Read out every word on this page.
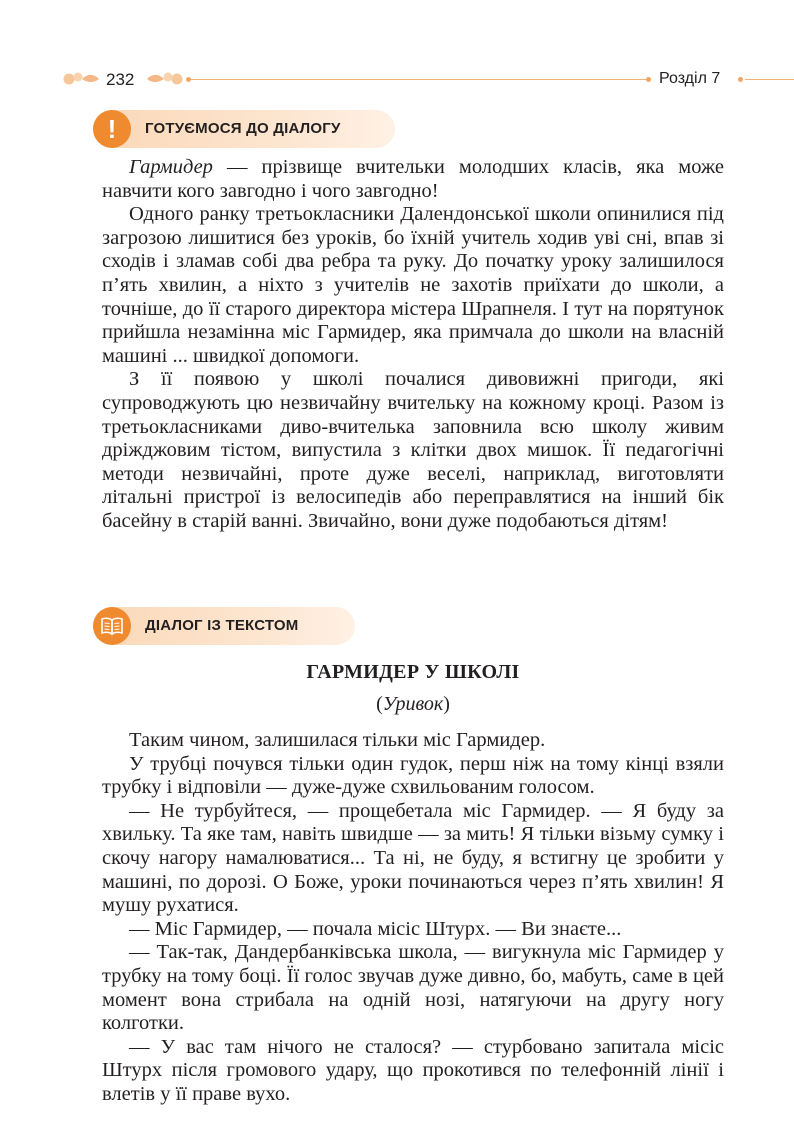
232	Розділ 7
!	ГОТУЄМОСЯ ДО ДІАЛОГУ

Гармидер — прізвище вчительки молодших класів, яка може навчити кого завгодно і чого завгодно!

Одного ранку третьокласники Далендонської школи опинилися під загрозою лишитися без уроків, бо їхній учитель ходив уві сні, впав зі сходів і зламав собі два ребра та руку. До початку уроку залишилося п’ять хвилин, а ніхто з учителів не захотів приїхати до школи, а точніше, до її старого директора містера Шрапнеля. І тут на порятунок прийшла незамінна міс Гармидер, яка примчала до школи на власній машині ... швидкої допомоги.

З її появою у школі почалися дивовижні пригоди, які супроводжують цю незвичайну вчительку на кожному кроці. Разом із третьокласниками диво-вчителька заповнила всю школу живим дріжджовим тістом, випустила з клітки двох мишок. Її педагогічні методи незвичайні, проте дуже веселі, наприклад, виготовляти літальні пристрої із велосипедів або переправлятися на інший бік басейну в старій ванні. Звичайно, вони дуже подобаються дітям!

ДІАЛОГ ІЗ ТЕКСТОМ
ГАРМИДЕР У ШКОЛІ
(Уривок)

Таким чином, залишилася тільки міс Гармидер.

У трубці почувся тільки один гудок, перш ніж на тому кінці взяли трубку і відповіли — дуже-дуже схвильованим голосом.

— Не турбуйтеся, — прощебетала міс Гармидер. — Я буду за хвильку. Та яке там, навіть швидше — за мить! Я тільки візьму сумку і скочу нагору намалюватися... Та ні, не буду, я встигну це зробити у машині, по дорозі. О Боже, уроки починаються через п’ять хвилин! Я мушу рухатися.

— Міс Гармидер, — почала місіс Штурх. — Ви знаєте...

— Так-так, Дандербанківська школа, — вигукнула міс Гармидер у трубку на тому боці. Її голос звучав дуже дивно, бо, мабуть, саме в цей момент вона стрибала на одній нозі, натягуючи на другу ногу колготки.

— У вас там нічого не сталося? — стурбовано запитала місіс Штурх після громового удару, що прокотився по телефонній лінії і влетів у її праве вухо.
